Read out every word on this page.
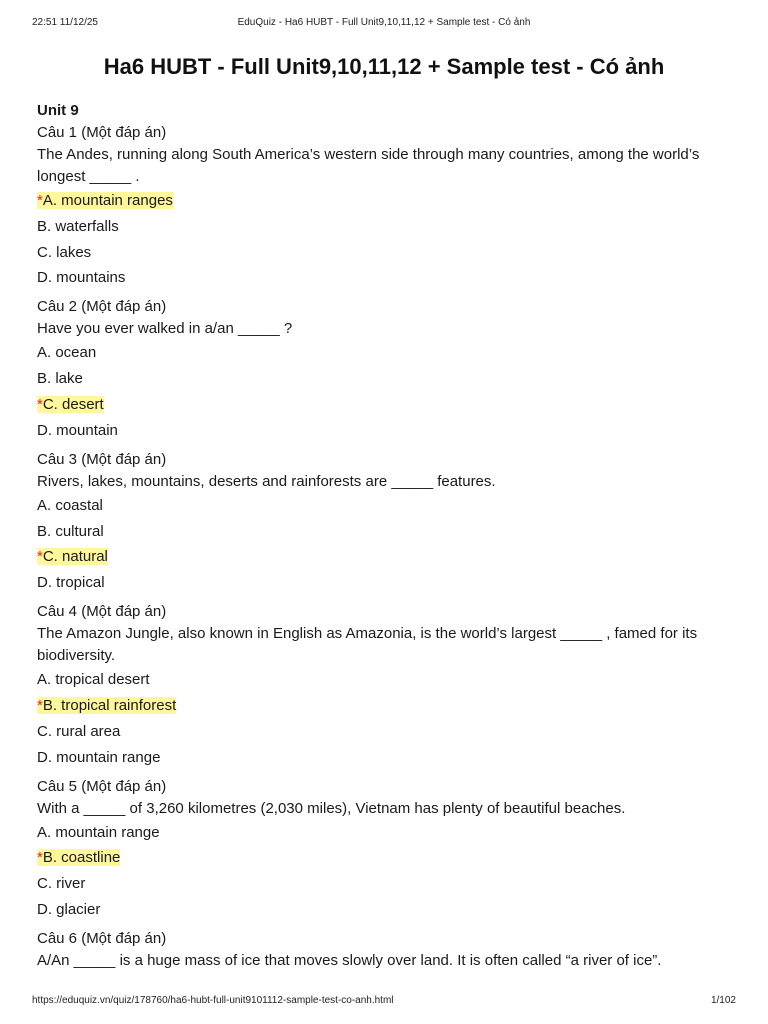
22:51 11/12/25	EduQuiz - Ha6 HUBT - Full Unit9,10,11,12 + Sample test - Có ảnh
Ha6 HUBT - Full Unit9,10,11,12 + Sample test - Có ảnh

Unit 9

Câu 1 (Một đáp án)

The Andes, running along South America’s western side through many countries, among the world’s longest _____ .

*A. mountain ranges
B. waterfalls
C. lakes
D. mountains

Câu 2 (Một đáp án)

Have you ever walked in a/an _____ ?

A. ocean
B. lake
*C. desert
D. mountain

Câu 3 (Một đáp án)

Rivers, lakes, mountains, deserts and rainforests are _____ features.

A. coastal
B. cultural
*C. natural
D. tropical

Câu 4 (Một đáp án)

The Amazon Jungle, also known in English as Amazonia, is the world’s largest _____ , famed for its biodiversity.

A. tropical desert
*B. tropical rainforest
C. rural area
D. mountain range

Câu 5 (Một đáp án)

With a _____ of 3,260 kilometres (2,030 miles), Vietnam has plenty of beautiful beaches.

A. mountain range
*B. coastline
C. river
D. glacier

Câu 6 (Một đáp án)

A/An _____ is a huge mass of ice that moves slowly over land. It is often called “a river of ice”.

https://eduquiz.vn/quiz/178760/ha6-hubt-full-unit9101112-sample-test-co-anh.html	1/102
